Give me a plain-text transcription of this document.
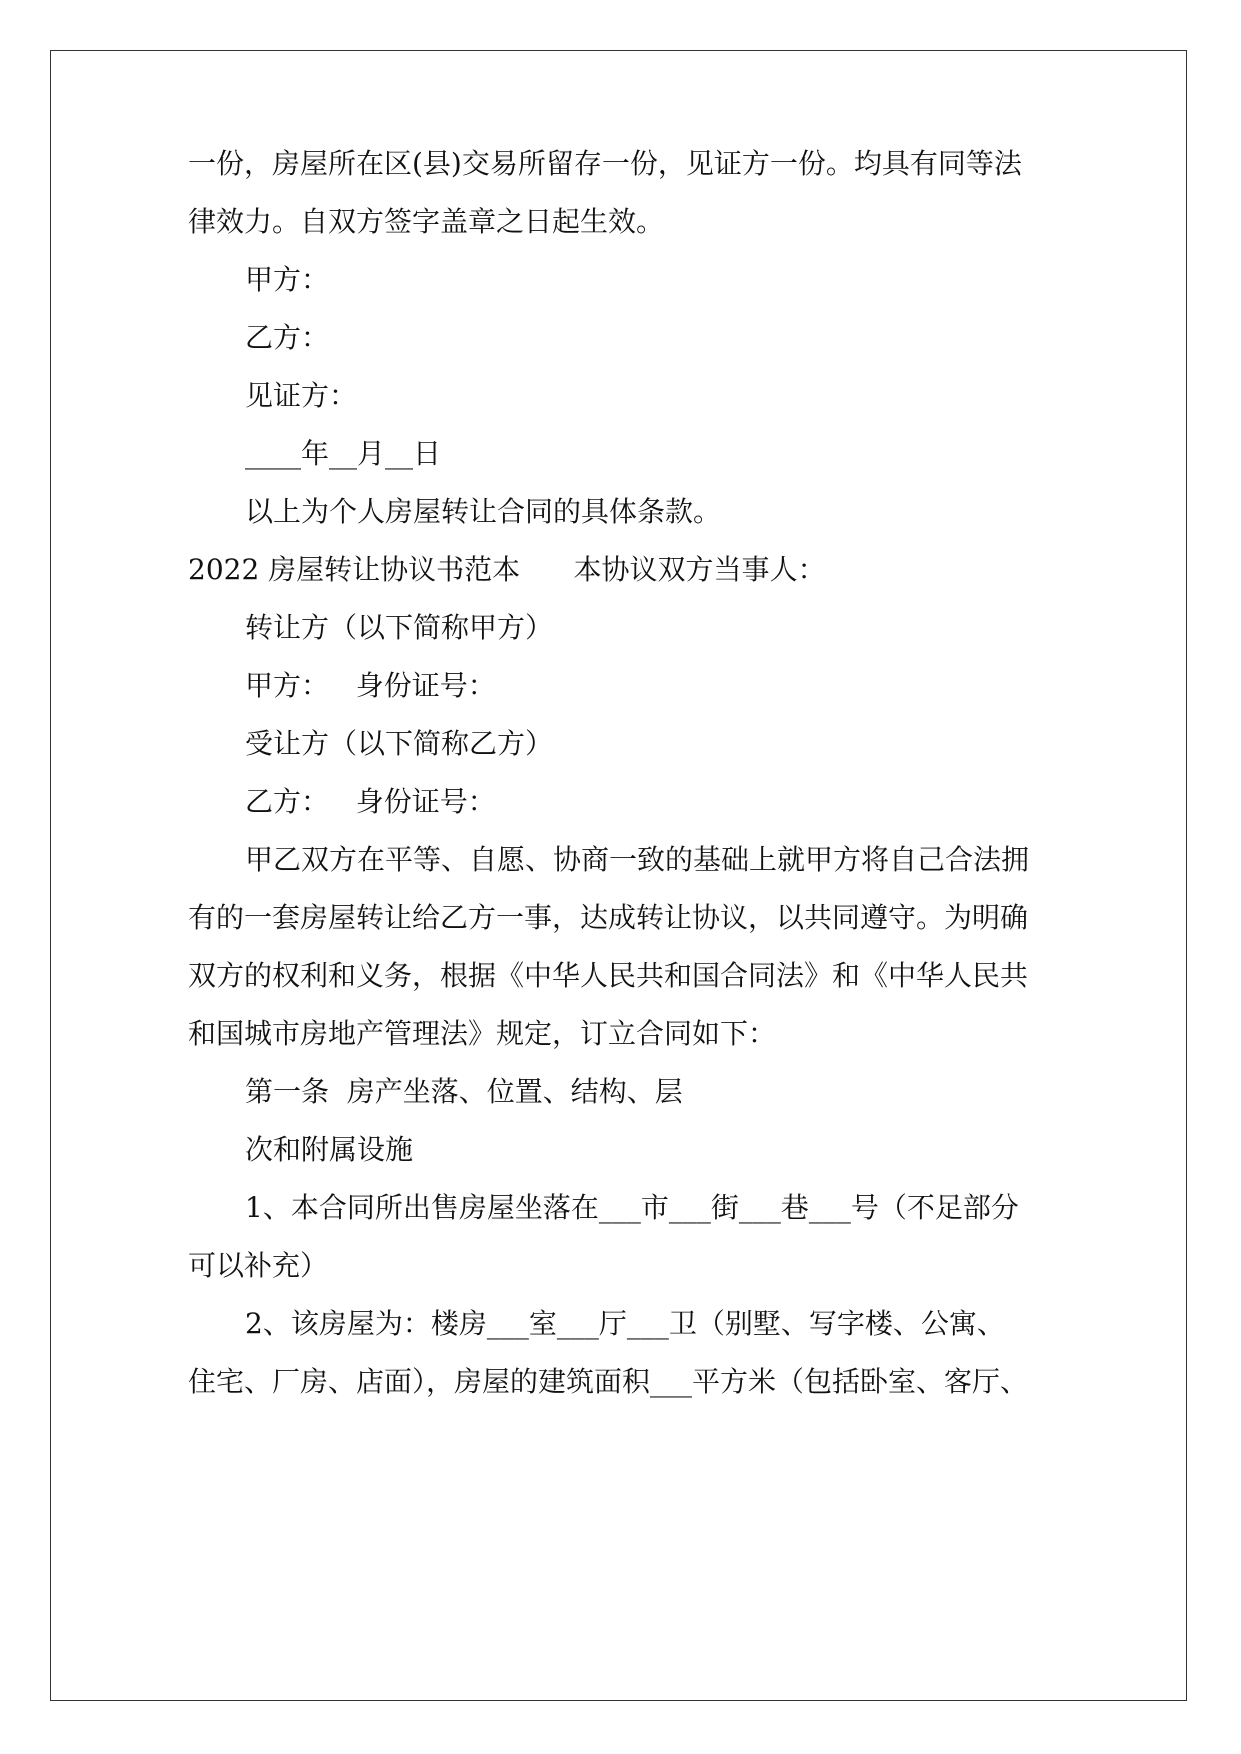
一份，房屋所在区(县)交易所留存一份，见证方一份。均具有同等法
律效力。自双方签字盖章之日起生效。
甲方：
乙方：
见证方：
____年__月__日
以上为个人房屋转让合同的具体条款。
2022 房屋转让协议书范本      本协议双方当事人：
转让方（以下简称甲方）
甲方：   身份证号：
受让方（以下简称乙方）
乙方：   身份证号：
甲乙双方在平等、自愿、协商一致的基础上就甲方将自己合法拥
有的一套房屋转让给乙方一事，达成转让协议，以共同遵守。为明确
双方的权利和义务，根据《中华人民共和国合同法》和《中华人民共
和国城市房地产管理法》规定，订立合同如下：
第一条  房产坐落、位置、结构、层
次和附属设施
1、本合同所出售房屋坐落在___市___街___巷___号（不足部分
可以补充）
2、该房屋为：楼房___室___厅___卫（别墅、写字楼、公寓、
住宅、厂房、店面），房屋的建筑面积___平方米（包括卧室、客厅、
